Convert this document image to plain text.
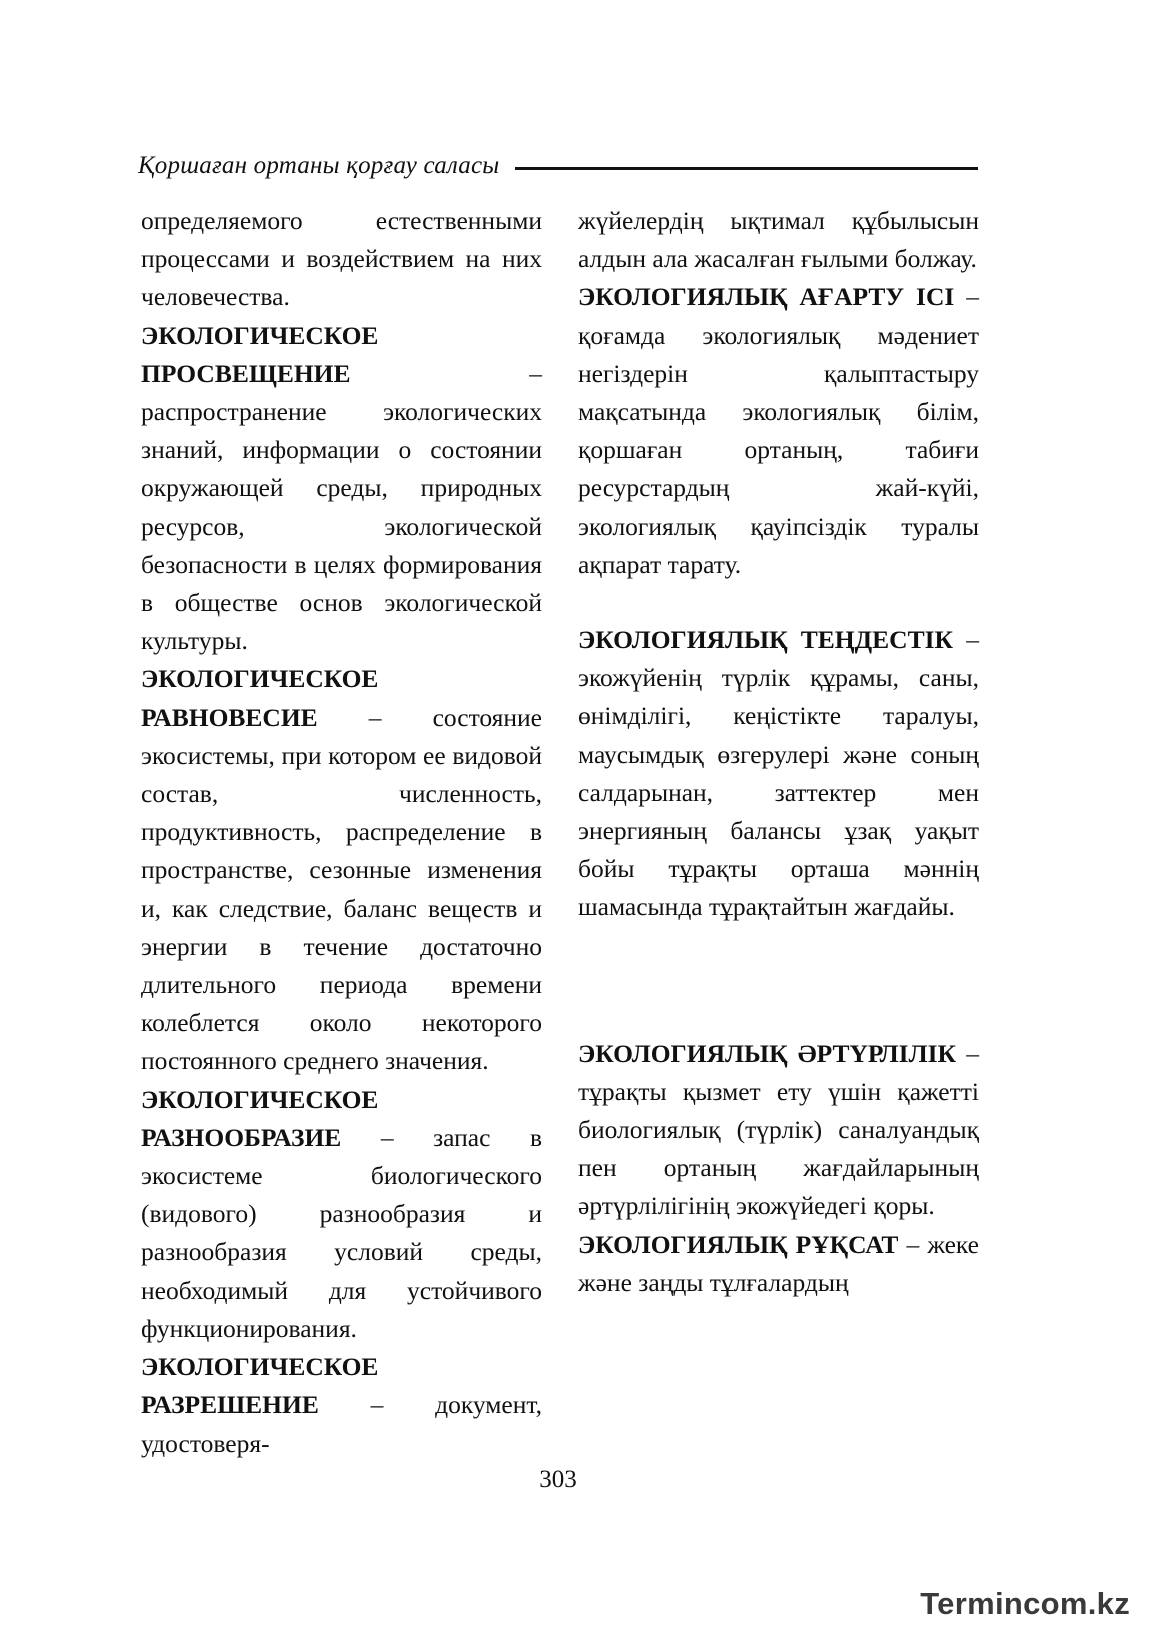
Қоршаған ортаны қорғау саласы

определяемого естественными процессами и воздействием на них человечества.

ЭКОЛОГИЧЕСКОЕ ПРОСВЕЩЕНИЕ	– распространение экологических знаний, информации о состоянии окружающей среды, природных ресурсов, экологической безопасности в целях формирования в обществе основ экологической культуры.

ЭКОЛОГИЧЕСКОЕ РАВНОВЕСИЕ – состояние экосистемы, при котором ее видовой состав, численность, продуктивность, распределение в пространстве, сезонные изменения и, как следствие, баланс веществ и энергии в течение достаточно длительного периода времени колеблется около некоторого постоянного среднего значения.

ЭКОЛОГИЧЕСКОЕ РАЗНООБРАЗИЕ – запас в экосистеме биологического (видового) разнообразия и разнообразия условий среды, необходимый для устойчивого функционирования.

ЭКОЛОГИЧЕСКОЕ РАЗРЕШЕНИЕ – документ, удостоверя-

жүйелердің ықтимал құбылысын алдын ала жасалған ғылыми болжау.

ЭКОЛОГИЯЛЫҚ АҒАРТУ ІСІ – қоғамда экологиялық мәдениет негіздерін қалыптастыру мақсатында экологиялық білім, қоршаған ортаның, табиғи ресурстардың жай-күйі, экологиялық қауіпсіздік туралы ақпарат тарату.

ЭКОЛОГИЯЛЫҚ ТЕҢДЕСТІК – экожүйенің түрлік құрамы, саны, өнімділігі, кеңістікте таралуы, маусымдық өзгерулері және соның салдарынан, заттектер мен энергияның балансы ұзақ уақыт бойы тұрақты орташа мәннің шамасында тұрақтайтын жағдайы.

ЭКОЛОГИЯЛЫҚ ӘРТҮРЛІЛІК – тұрақты қызмет ету үшін қажетті биологиялық (түрлік) саналуандық пен ортаның жағдайларының әртүрлілігінің экожүйедегі қоры.

ЭКОЛОГИЯЛЫҚ РҰҚСАТ – жеке және заңды тұлғалардың

303
Termincom.kz
